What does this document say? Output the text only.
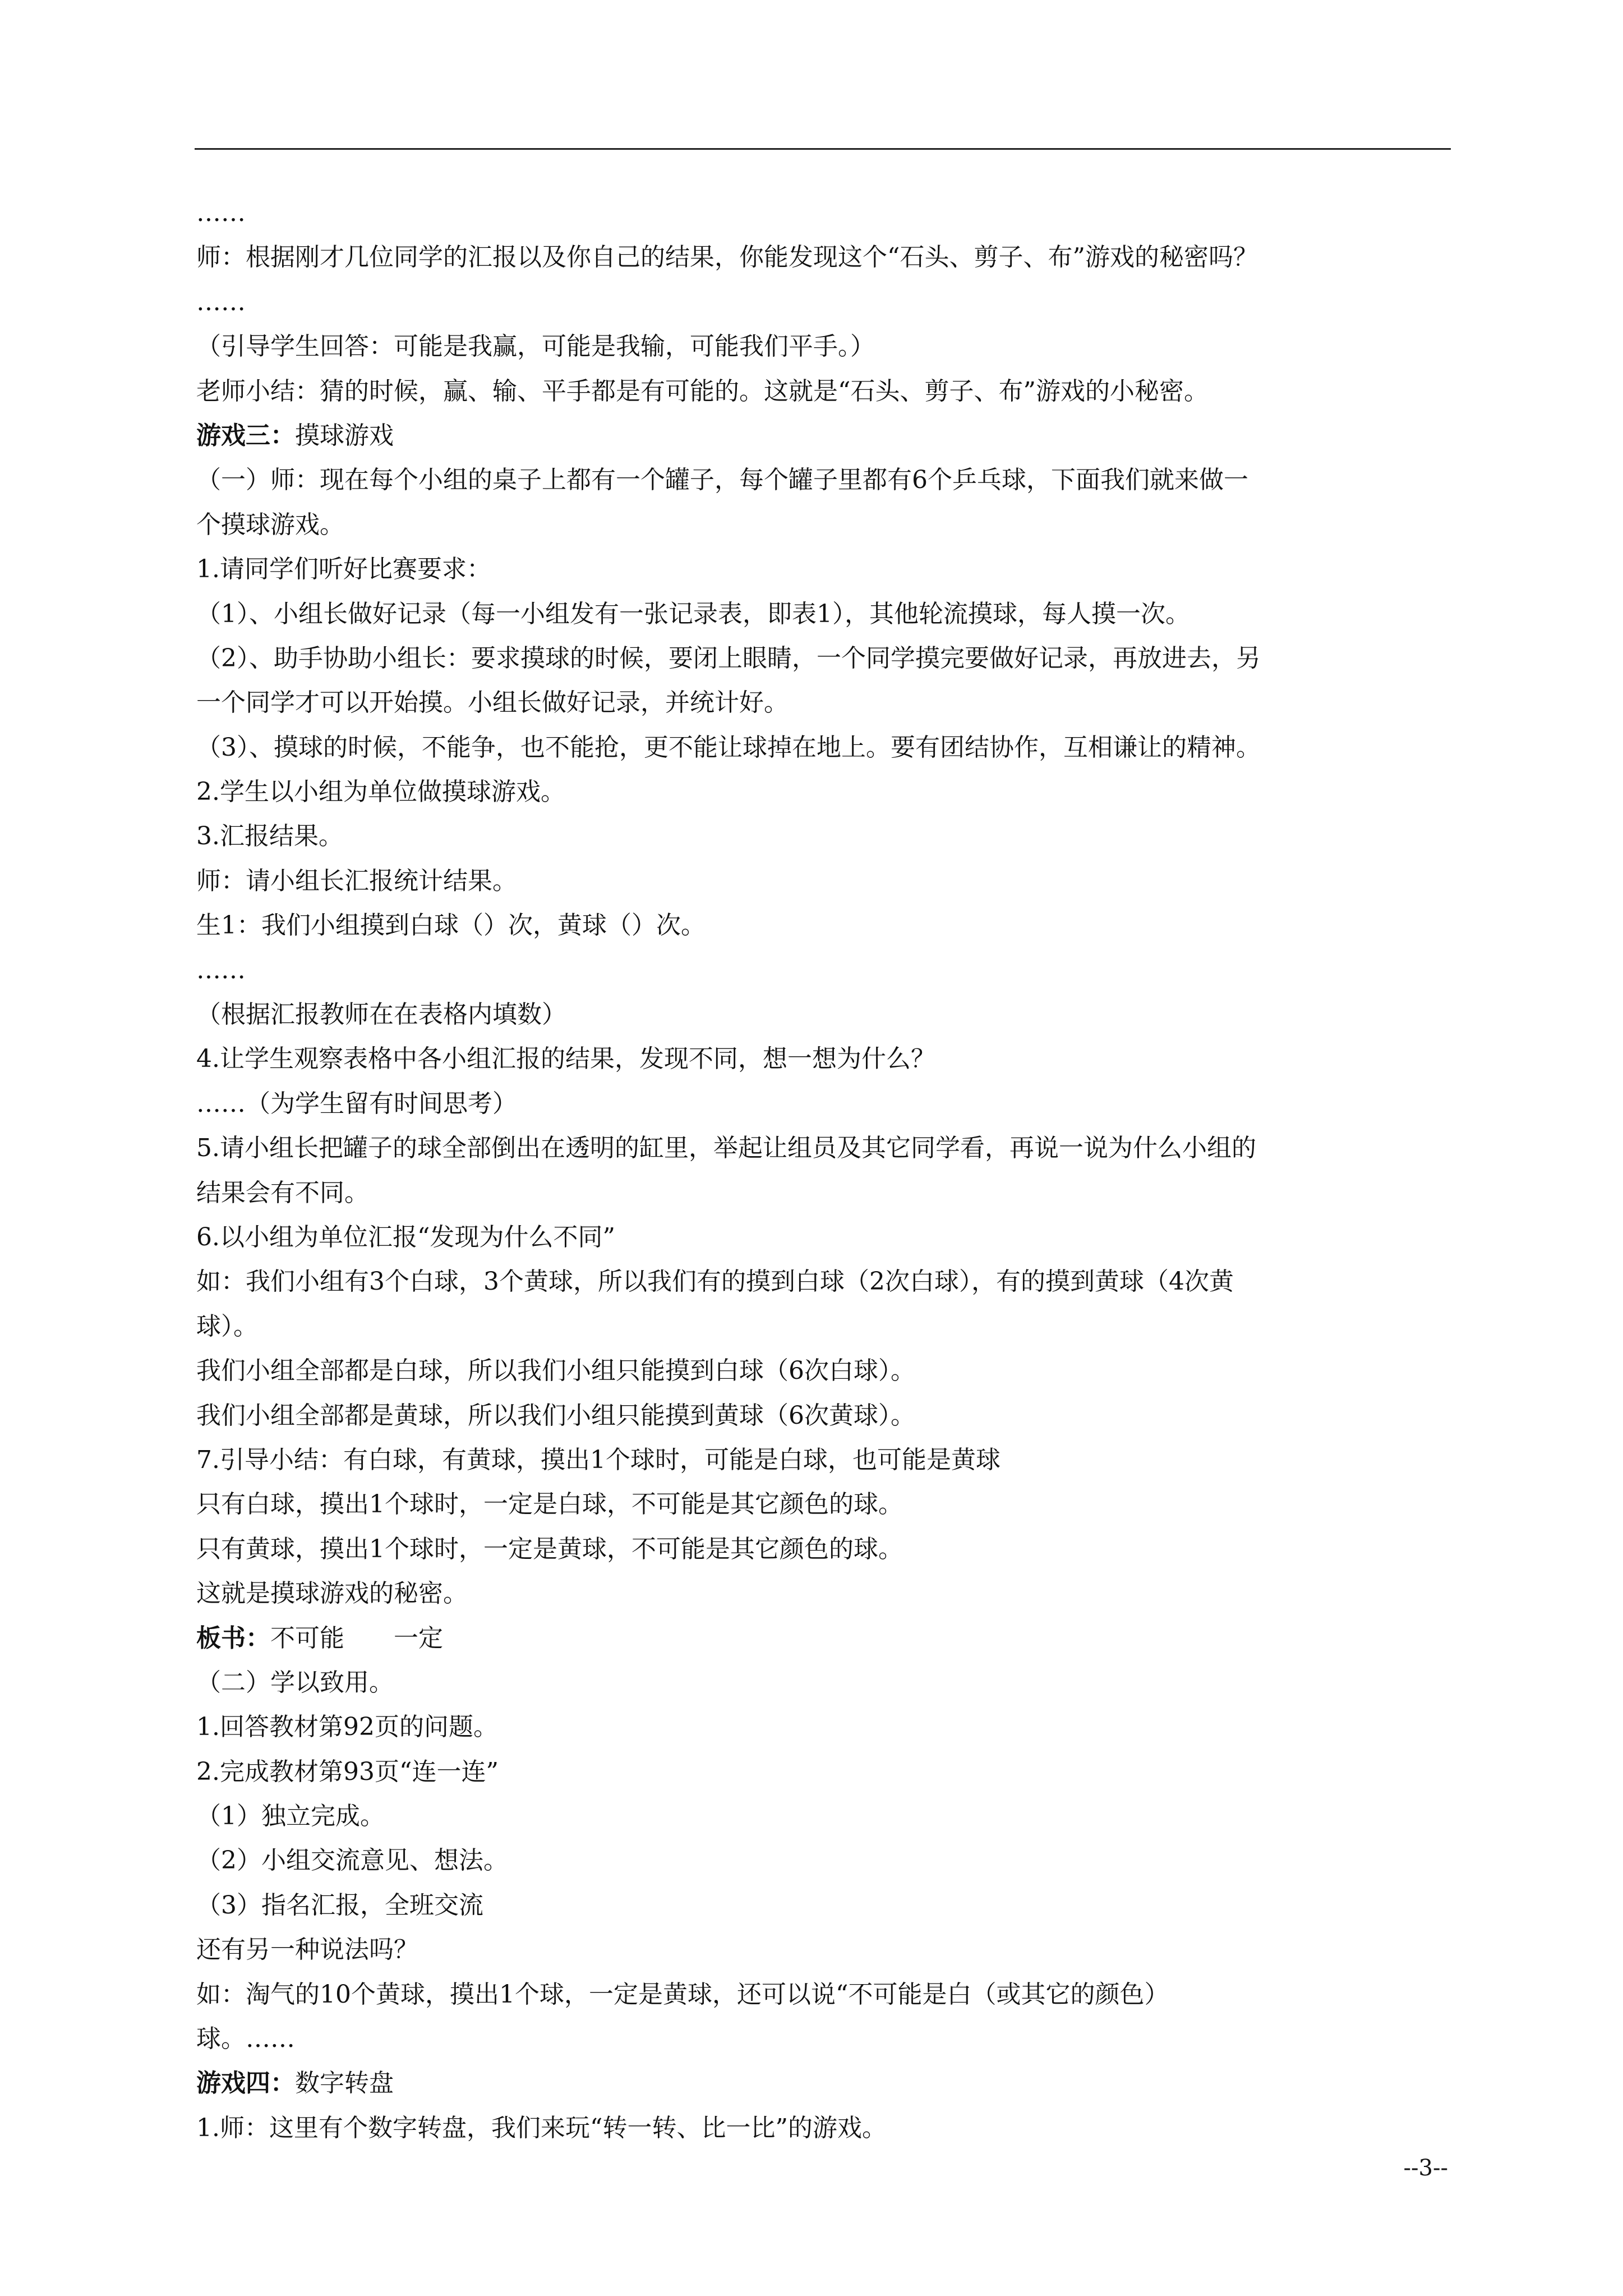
……
师：根据刚才几位同学的汇报以及你自己的结果，你能发现这个“石头、剪子、布”游戏的秘密吗？
……
（引导学生回答：可能是我赢，可能是我输，可能我们平手。）
老师小结：猜的时候，赢、输、平手都是有可能的。这就是“石头、剪子、布”游戏的小秘密。
游戏三：摸球游戏
（一）师：现在每个小组的桌子上都有一个罐子，每个罐子里都有6个乒乓球，下面我们就来做一
个摸球游戏。
1.请同学们听好比赛要求：
（1）、小组长做好记录（每一小组发有一张记录表，即表1），其他轮流摸球，每人摸一次。
（2）、助手协助小组长：要求摸球的时候，要闭上眼睛，一个同学摸完要做好记录，再放进去，另
一个同学才可以开始摸。小组长做好记录，并统计好。
（3）、摸球的时候，不能争，也不能抢，更不能让球掉在地上。要有团结协作，互相谦让的精神。
2.学生以小组为单位做摸球游戏。
3.汇报结果。
师：请小组长汇报统计结果。
生1：我们小组摸到白球（）次，黄球（）次。
……
（根据汇报教师在在表格内填数）
4.让学生观察表格中各小组汇报的结果，发现不同，想一想为什么？
……（为学生留有时间思考）
5.请小组长把罐子的球全部倒出在透明的缸里，举起让组员及其它同学看，再说一说为什么小组的
结果会有不同。
6.以小组为单位汇报“发现为什么不同”
如：我们小组有3个白球，3个黄球，所以我们有的摸到白球（2次白球），有的摸到黄球（4次黄
球）。
我们小组全部都是白球，所以我们小组只能摸到白球（6次白球）。
我们小组全部都是黄球，所以我们小组只能摸到黄球（6次黄球）。
7.引导小结：有白球，有黄球，摸出1个球时，可能是白球，也可能是黄球
只有白球，摸出1个球时，一定是白球，不可能是其它颜色的球。
只有黄球，摸出1个球时，一定是黄球，不可能是其它颜色的球。
这就是摸球游戏的秘密。
板书：不可能　　一定
（二）学以致用。
1.回答教材第92页的问题。
2.完成教材第93页“连一连”
（1）独立完成。
（2）小组交流意见、想法。
（3）指名汇报，全班交流
还有另一种说法吗？
如：淘气的10个黄球，摸出1个球，一定是黄球，还可以说“不可能是白（或其它的颜色）
球。……
游戏四：数字转盘
1.师：这里有个数字转盘，我们来玩“转一转、比一比”的游戏。
--3--
